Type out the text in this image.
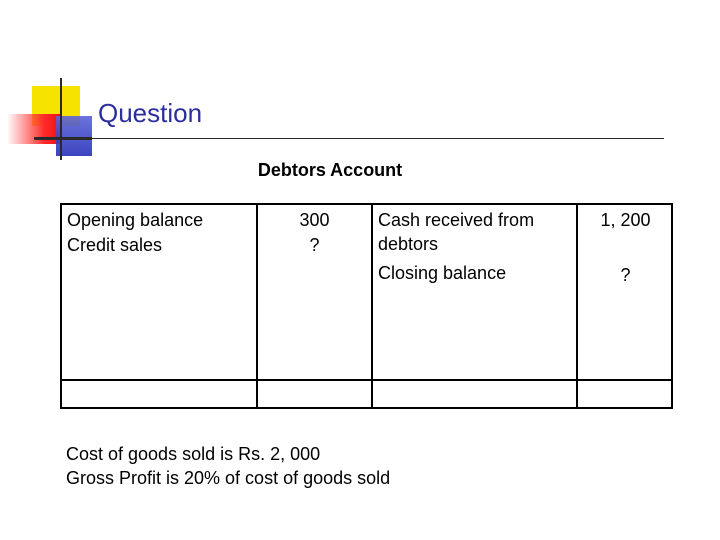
Question
Debtors Account
Opening balance
Credit sales
300
?
Cash received from debtors
Closing balance
1, 200
?
Cost of goods sold is Rs. 2, 000
Gross Profit is 20% of cost of goods sold
